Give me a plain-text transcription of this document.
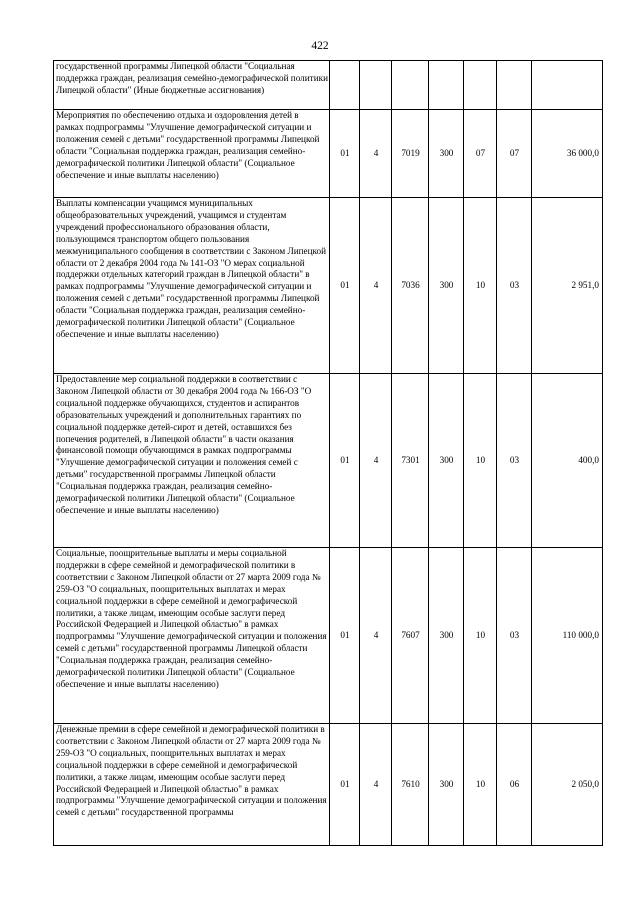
422
государственной программы Липецкой области "Социальная поддержка граждан, реализация семейно-демографической политики Липецкой области" (Иные бюджетные ассигнования)							
Мероприятия по обеспечению отдыха и оздоровления детей в рамках подпрограммы "Улучшение демографической ситуации и положения семей с детьми" государственной программы Липецкой области "Социальная поддержка граждан, реализация семейно-демографической политики Липецкой области" (Социальное обеспечение и иные выплаты населению)	01	4	7019	300	07	07	36 000,0
Выплаты компенсации учащимся муниципальных общеобразовательных учреждений, учащимся и студентам учреждений профессионального образования области, пользующимся транспортом общего пользования межмуниципального сообщения в соответствии с Законом Липецкой области от 2 декабря 2004 года № 141-ОЗ "О мерах социальной поддержки отдельных категорий граждан в Липецкой области" в рамках подпрограммы "Улучшение демографической ситуации и положения семей с детьми" государственной программы Липецкой области "Социальная поддержка граждан, реализация семейно-демографической политики Липецкой области" (Социальное обеспечение и иные выплаты населению)	01	4	7036	300	10	03	2 951,0
Предоставление мер социальной поддержки в соответствии с Законом Липецкой области от 30 декабря 2004 года № 166-ОЗ "О социальной поддержке обучающихся, студентов и аспирантов образовательных учреждений и дополнительных гарантиях по социальной поддержке детей-сирот и детей, оставшихся без попечения родителей, в Липецкой области" в части оказания финансовой помощи обучающимся в рамках подпрограммы "Улучшение демографической ситуации и положения семей с детьми" государственной программы Липецкой области "Социальная поддержка граждан, реализация семейно-демографической политики Липецкой области" (Социальное обеспечение и иные выплаты населению)	01	4	7301	300	10	03	400,0
Социальные, поощрительные выплаты и меры социальной поддержки в сфере семейной и демографической политики в соответствии с Законом Липецкой области от 27 марта 2009 года № 259-ОЗ "О социальных, поощрительных выплатах и мерах социальной поддержки в сфере семейной и демографической политики, а также лицам, имеющим особые заслуги перед Российской Федерацией и Липецкой областью" в рамках подпрограммы "Улучшение демографической ситуации и положения семей с детьми" государственной программы Липецкой области "Социальная поддержка граждан, реализация семейно-демографической политики Липецкой области" (Социальное обеспечение и иные выплаты населению)	01	4	7607	300	10	03	110 000,0
Денежные премии в сфере семейной и демографической политики в соответствии с Законом Липецкой области от 27 марта 2009 года № 259-ОЗ "О социальных, поощрительных выплатах и мерах социальной поддержки в сфере семейной и демографической политики, а также лицам, имеющим особые заслуги перед Российской Федерацией и Липецкой областью" в рамках подпрограммы "Улучшение демографической ситуации и положения семей с детьми" государственной программы	01	4	7610	300	10	06	2 050,0
